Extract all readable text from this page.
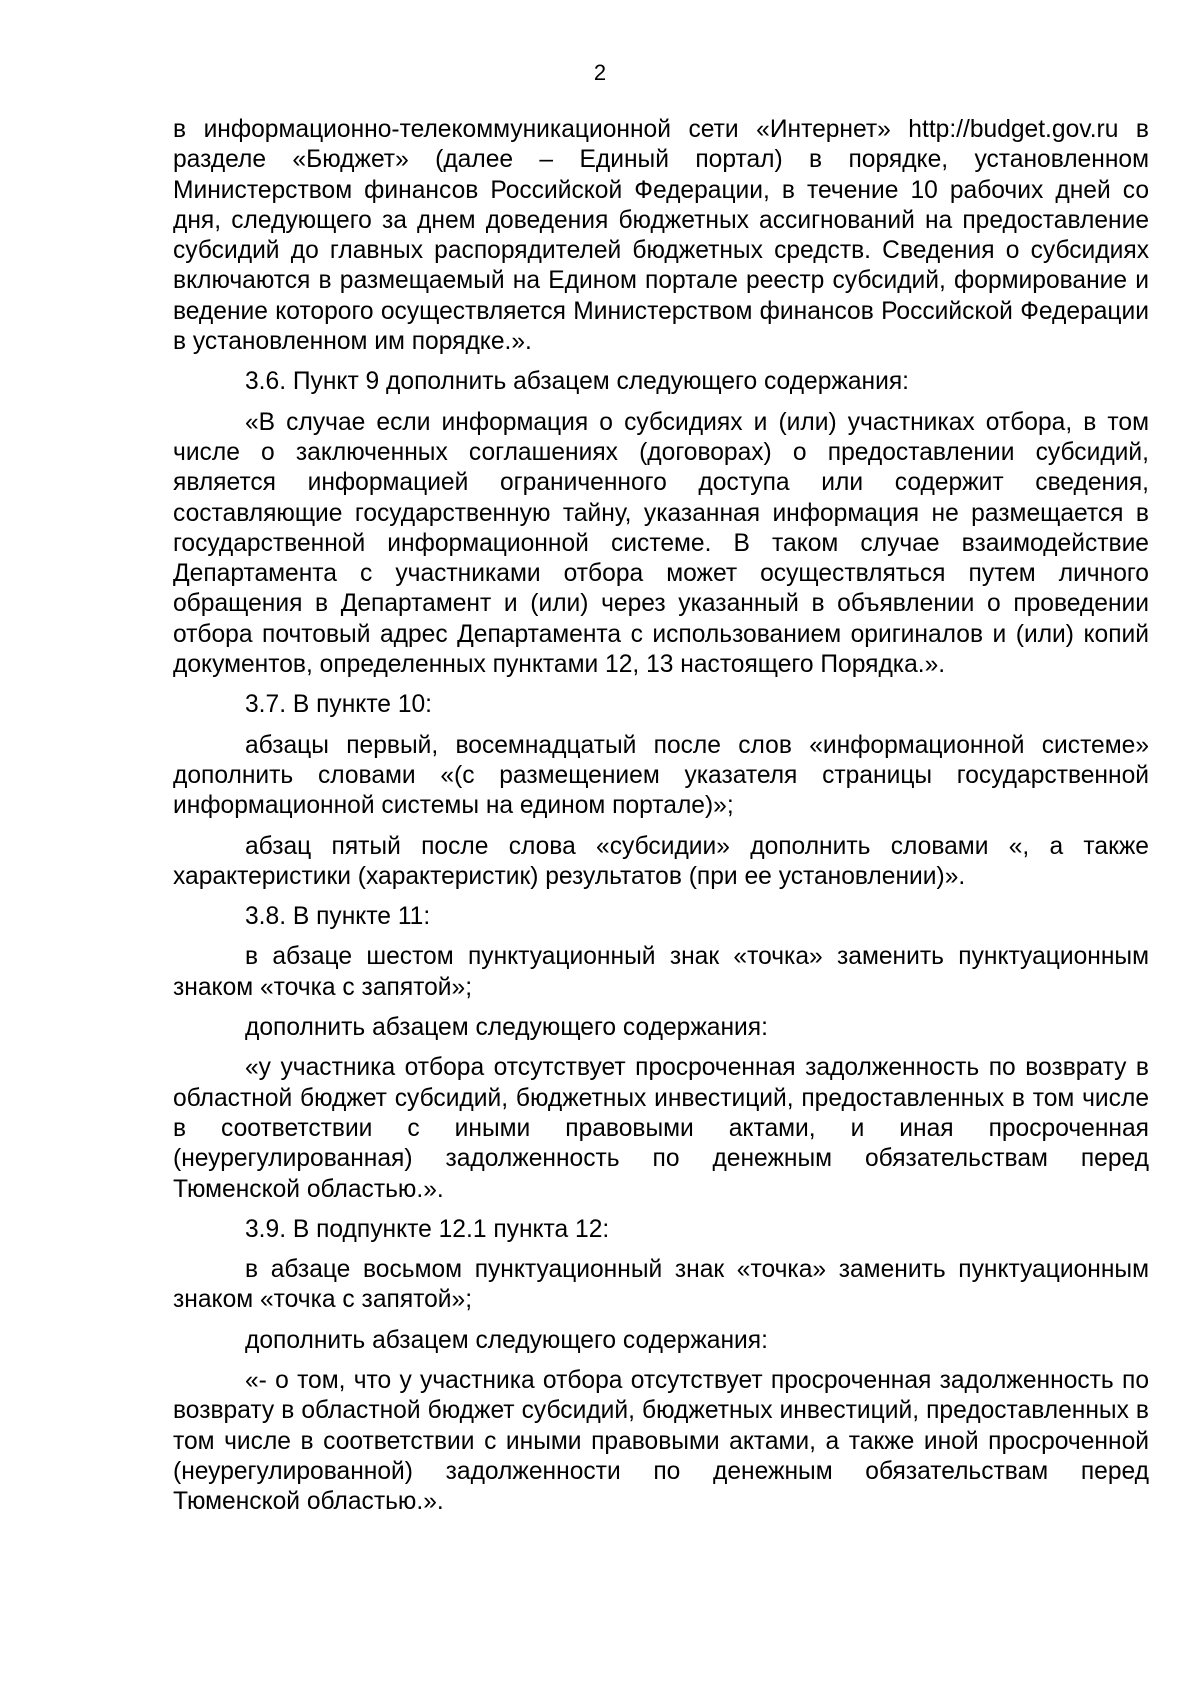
2

в информационно-телекоммуникационной сети «Интернет» http://budget.gov.ru в разделе «Бюджет» (далее – Единый портал) в порядке, установленном Министерством финансов Российской Федерации, в течение 10 рабочих дней со дня, следующего за днем доведения бюджетных ассигнований на предоставление субсидий до главных распорядителей бюджетных средств. Сведения о субсидиях включаются в размещаемый на Едином портале реестр субсидий, формирование и ведение которого осуществляется Министерством финансов Российской Федерации в установленном им порядке.».

3.6. Пункт 9 дополнить абзацем следующего содержания:

«В случае если информация о субсидиях и (или) участниках отбора, в том числе о заключенных соглашениях (договорах) о предоставлении субсидий, является информацией ограниченного доступа или содержит сведения, составляющие государственную тайну, указанная информация не размещается в государственной информационной системе. В таком случае взаимодействие Департамента с участниками отбора может осуществляться путем личного обращения в Департамент и (или) через указанный в объявлении о проведении отбора почтовый адрес Департамента с использованием оригиналов и (или) копий документов, определенных пунктами 12, 13 настоящего Порядка.».

3.7. В пункте 10:

абзацы первый, восемнадцатый после слов «информационной системе» дополнить словами «(с размещением указателя страницы государственной информационной системы на едином портале)»;

абзац пятый после слова «субсидии» дополнить словами «, а также характеристики (характеристик) результатов (при ее установлении)».

3.8. В пункте 11:

в абзаце шестом пунктуационный знак «точка» заменить пунктуационным знаком «точка с запятой»;

дополнить абзацем следующего содержания:

«у участника отбора отсутствует просроченная задолженность по возврату в областной бюджет субсидий, бюджетных инвестиций, предоставленных в том числе в соответствии с иными правовыми актами, и иная просроченная (неурегулированная) задолженность по денежным обязательствам перед Тюменской областью.».

3.9. В подпункте 12.1 пункта 12:

в абзаце восьмом пунктуационный знак «точка» заменить пунктуационным знаком «точка с запятой»;

дополнить абзацем следующего содержания:

«- о том, что у участника отбора отсутствует просроченная задолженность по возврату в областной бюджет субсидий, бюджетных инвестиций, предоставленных в том числе в соответствии с иными правовыми актами, а также иной просроченной (неурегулированной) задолженности по денежным обязательствам перед Тюменской областью.».
